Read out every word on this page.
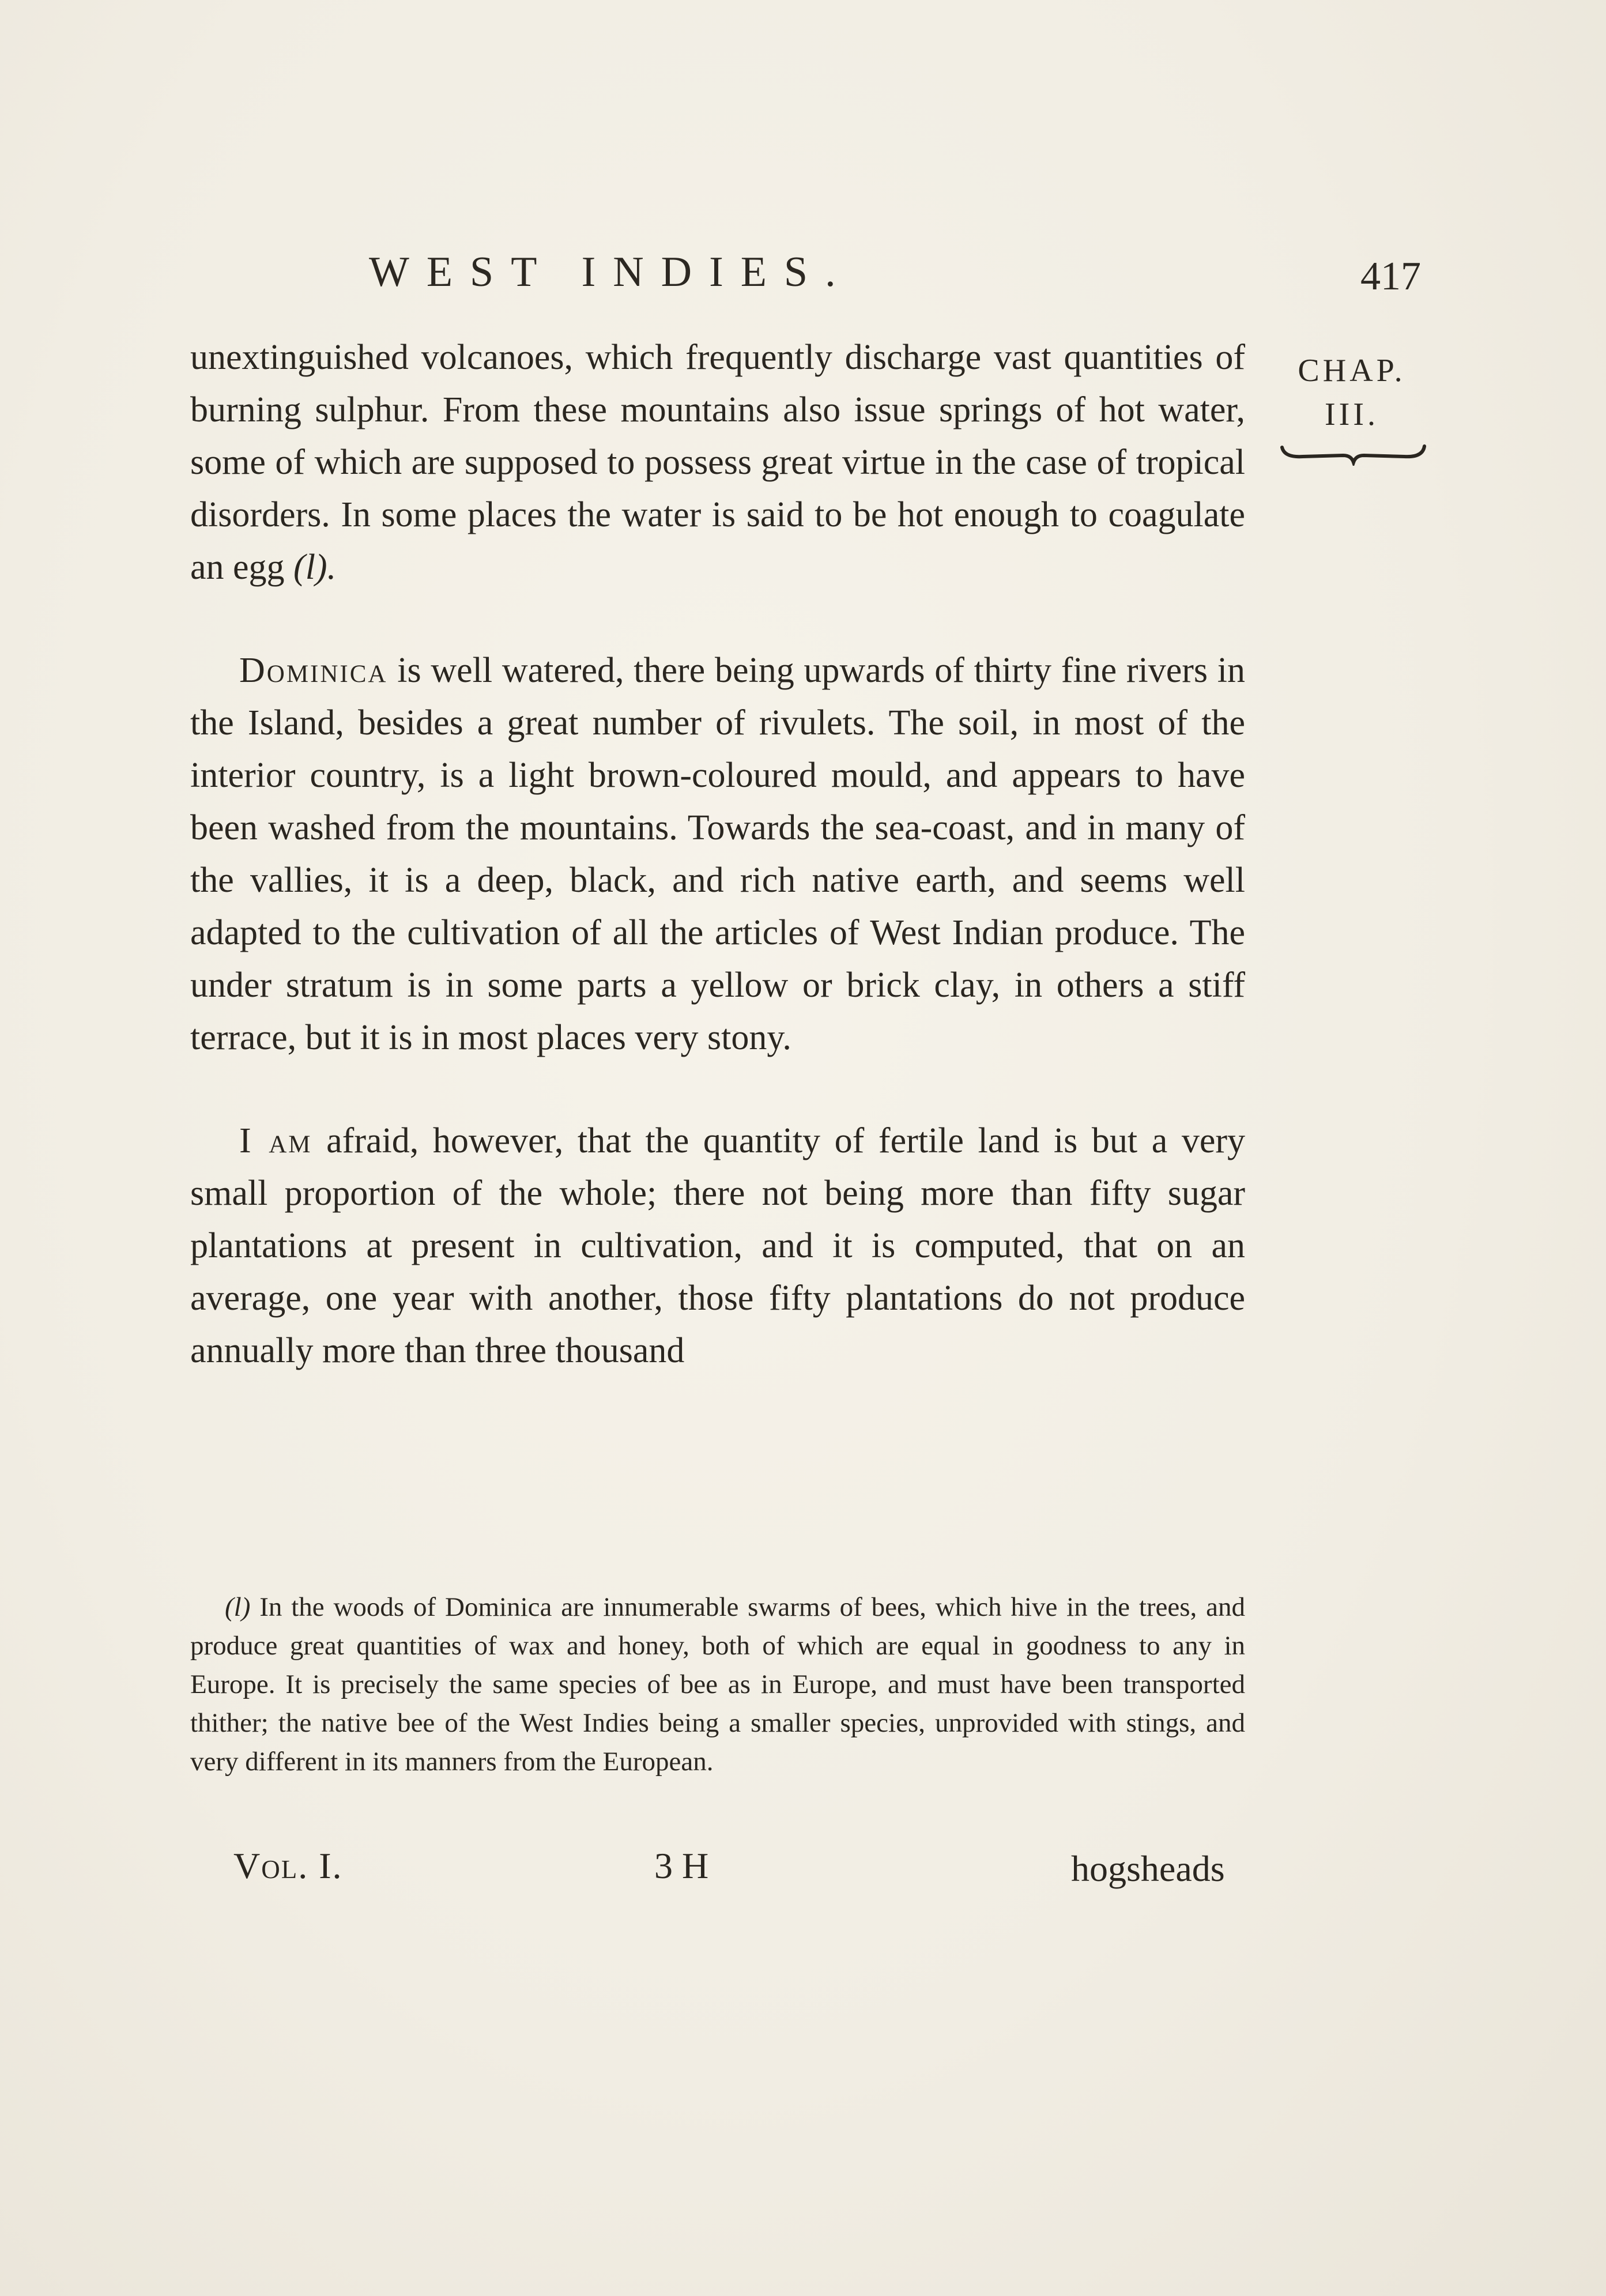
WEST INDIES.	417
CHAP.
III.

unextinguished volcanoes, which frequently discharge vast quantities of burning sulphur. From these mountains also issue springs of hot water, some of which are supposed to possess great virtue in the case of tropical disorders. In some places the water is said to be hot enough to coagulate an egg (l).

Dominica is well watered, there being upwards of thirty fine rivers in the Island, besides a great number of rivulets. The soil, in most of the interior country, is a light brown-coloured mould, and appears to have been washed from the mountains. Towards the sea-coast, and in many of the vallies, it is a deep, black, and rich native earth, and seems well adapted to the cultivation of all the articles of West Indian produce. The under stratum is in some parts a yellow or brick clay, in others a stiff terrace, but it is in most places very stony.

I am afraid, however, that the quantity of fertile land is but a very small proportion of the whole; there not being more than fifty sugar plantations at present in cultivation, and it is computed, that on an average, one year with another, those fifty plantations do not produce annually more than three thousand

(l) In the woods of Dominica are innumerable swarms of bees, which hive in the trees, and produce great quantities of wax and honey, both of which are equal in goodness to any in Europe. It is precisely the same species of bee as in Europe, and must have been transported thither; the native bee of the West Indies being a smaller species, unprovided with stings, and very different in its manners from the European.
Vol. I.	3 H	hogsheads
